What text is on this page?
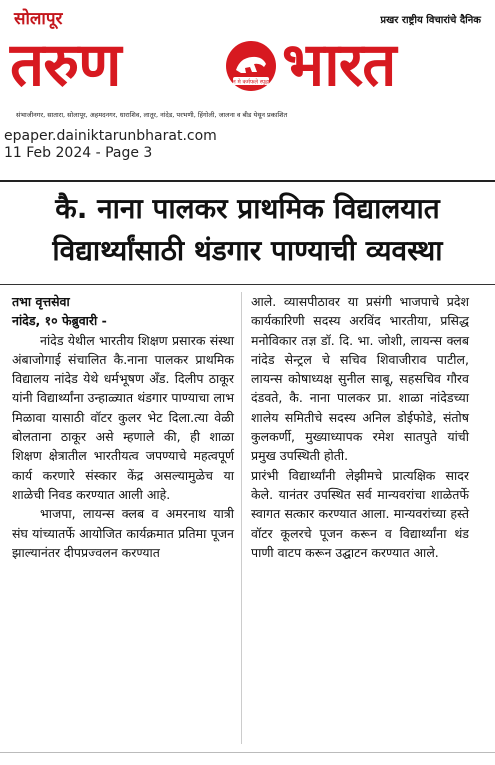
सोलापूर	प्रखर राष्ट्रीय विचारांचे दैनिक
तरुण	न मे कर्मफले स्पृहा भारत
संभाजीनगर, सातारा, सोलापूर, अहमदनगर, धाराशिव, लातूर, नांदेड, परभणी, हिंगोली, जालना व बीड येथून प्रकाशित
epaper.dainiktarunbharat.com
11 Feb 2024 - Page 3
कै. नाना पालकर प्राथमिक विद्यालयात
विद्यार्थ्यांसाठी थंडगार पाण्याची व्यवस्था
तभा वृत्तसेवा
नांदेड, १० फेब्रुवारी -

नांदेड येथील भारतीय शिक्षण प्रसारक संस्था अंबाजोगाई संचालित कै.नाना पालकर प्राथमिक विद्यालय नांदेड येथे धर्मभूषण अँड. दिलीप ठाकूर यांनी विद्यार्थ्यांना उन्हाळ्यात थंडगार पाण्याचा लाभ मिळावा यासाठी वॉटर कुलर भेट दिला.त्या वेळी बोलताना ठाकूर असे म्हणाले की, ही शाळा शिक्षण क्षेत्रातील भारतीयत्व जपण्याचे महत्वपूर्ण कार्य करणारे संस्कार केंद्र असल्यामुळेच या शाळेची निवड करण्यात आली आहे.

भाजपा, लायन्स क्लब व अमरनाथ यात्री संघ यांच्यातर्फे आयोजित कार्यक्रमात प्रतिमा पूजन झाल्यानंतर दीपप्रज्वलन करण्यात

आले. व्यासपीठावर या प्रसंगी भाजपाचे प्रदेश कार्यकारिणी सदस्य अरविंद भारतीया, प्रसिद्ध मनोविकार तज्ञ डॉ. दि. भा. जोशी, लायन्स क्लब नांदेड सेन्ट्रल चे सचिव शिवाजीराव पाटील, लायन्स कोषाध्यक्ष सुनील साबू, सहसचिव गौरव दंडवते, कै. नाना पालकर प्रा. शाळा नांदेडच्या शालेय समितीचे सदस्य अनिल डोईफोडे, संतोष कुलकर्णी, मुख्याध्यापक रमेश सातपुते यांची प्रमुख उपस्थिती होती.

प्रारंभी विद्यार्थ्यांनी लेझीमचे प्रात्यक्षिक सादर केले. यानंतर उपस्थित सर्व मान्यवरांचा शाळेतर्फे स्वागत सत्कार करण्यात आला. मान्यवरांच्या हस्ते वॉटर कूलरचे पूजन करून व विद्यार्थ्यांना थंड पाणी वाटप करून उद्घाटन करण्यात आले.
